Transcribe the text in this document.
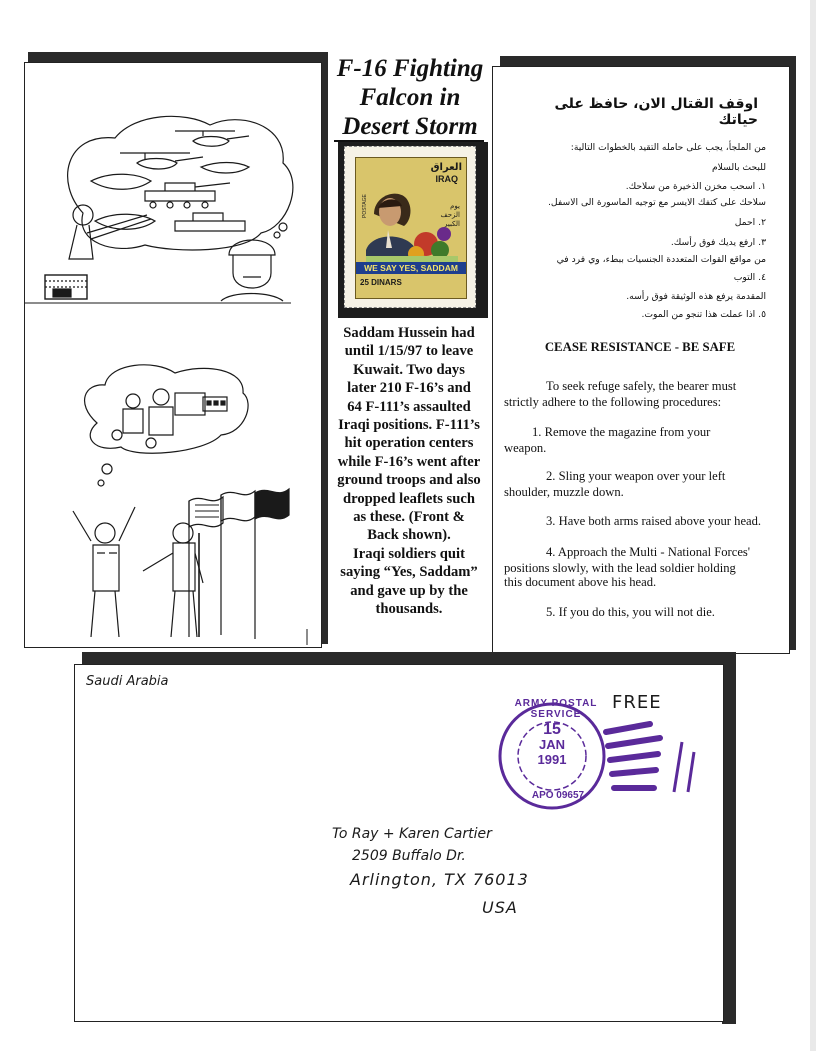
F-16 Fighting
Falcon in
Desert Storm
العراق
IRAQ
POSTAGE	يوم
الزحف
الكبير
WE SAY YES, SADDAM
25 DINARS
Saddam Hussein had
until 1/15/97 to leave
Kuwait. Two days
later 210 F-16’s and
64 F-111’s assaulted
Iraqi positions. F-111’s
hit operation centers
while F-16’s went after
ground troops and also
dropped leaflets such
as these. (Front &
Back shown).
Iraqi soldiers quit
saying “Yes, Saddam”
and gave up by the
thousands.
اوقف القتال الان، حافظ على حياتك
من الملجأ، يجب على حامله التقيد بالخطوات التالية:
للبحث بالسلام
١. اسحب مخزن الذخيرة من سلاحك.
سلاحك على كتفك الايسر مع توجيه الماسورة الى الاسفل.
٢. احمل
٣. ارفع يديك فوق رأسك.
من مواقع القوات المتعددة الجنسيات ببطء، وي فرد في
٤. التوب
المقدمة يرفع هذه الوثيقة فوق رأسه.
٥. اذا عملت هذا تنجو من الموت.
CEASE RESISTANCE - BE SAFE
To seek refuge safely, the bearer must
strictly adhere to the following procedures:
1. Remove the magazine from your
weapon.
2. Sling your weapon over your left
shoulder, muzzle down.
3. Have both arms raised above your head.
4. Approach the Multi - National Forces'
positions slowly, with the lead soldier holding
this document above his head.
5. If you do this, you will not die.
Saudi Arabia
FREE
ARMY POSTAL SERVICE
15
JAN
1991
APO 09657
To Ray + Karen Cartier
2509 Buffalo Dr.
Arlington, TX 76013
USA
